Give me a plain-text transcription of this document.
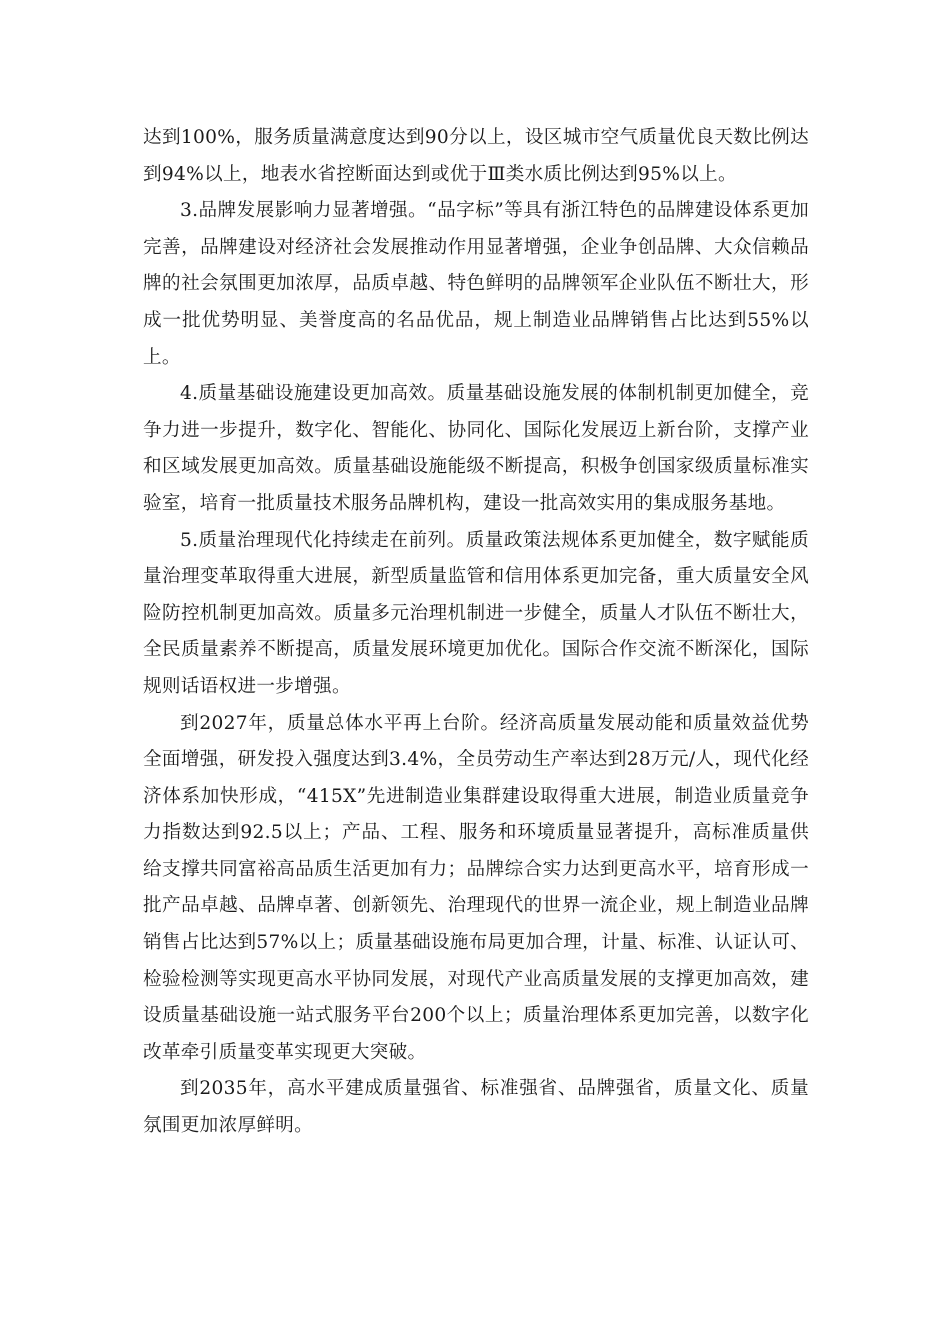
达到100%，服务质量满意度达到90分以上，设区城市空气质量优良天数比例达到94%以上，地表水省控断面达到或优于Ⅲ类水质比例达到95%以上。

3.品牌发展影响力显著增强。“品字标”等具有浙江特色的品牌建设体系更加完善，品牌建设对经济社会发展推动作用显著增强，企业争创品牌、大众信赖品牌的社会氛围更加浓厚，品质卓越、特色鲜明的品牌领军企业队伍不断壮大，形成一批优势明显、美誉度高的名品优品，规上制造业品牌销售占比达到55%以上。

4.质量基础设施建设更加高效。质量基础设施发展的体制机制更加健全，竞争力进一步提升，数字化、智能化、协同化、国际化发展迈上新台阶，支撑产业和区域发展更加高效。质量基础设施能级不断提高，积极争创国家级质量标准实验室，培育一批质量技术服务品牌机构，建设一批高效实用的集成服务基地。

5.质量治理现代化持续走在前列。质量政策法规体系更加健全，数字赋能质量治理变革取得重大进展，新型质量监管和信用体系更加完备，重大质量安全风险防控机制更加高效。质量多元治理机制进一步健全，质量人才队伍不断壮大，全民质量素养不断提高，质量发展环境更加优化。国际合作交流不断深化，国际规则话语权进一步增强。

到2027年，质量总体水平再上台阶。经济高质量发展动能和质量效益优势全面增强，研发投入强度达到3.4%，全员劳动生产率达到28万元/人，现代化经济体系加快形成，“415X”先进制造业集群建设取得重大进展，制造业质量竞争力指数达到92.5以上；产品、工程、服务和环境质量显著提升，高标准质量供给支撑共同富裕高品质生活更加有力；品牌综合实力达到更高水平，培育形成一批产品卓越、品牌卓著、创新领先、治理现代的世界一流企业，规上制造业品牌销售占比达到57%以上；质量基础设施布局更加合理，计量、标准、认证认可、检验检测等实现更高水平协同发展，对现代产业高质量发展的支撑更加高效，建设质量基础设施一站式服务平台200个以上；质量治理体系更加完善，以数字化改革牵引质量变革实现更大突破。

到2035年，高水平建成质量强省、标准强省、品牌强省，质量文化、质量氛围更加浓厚鲜明。
